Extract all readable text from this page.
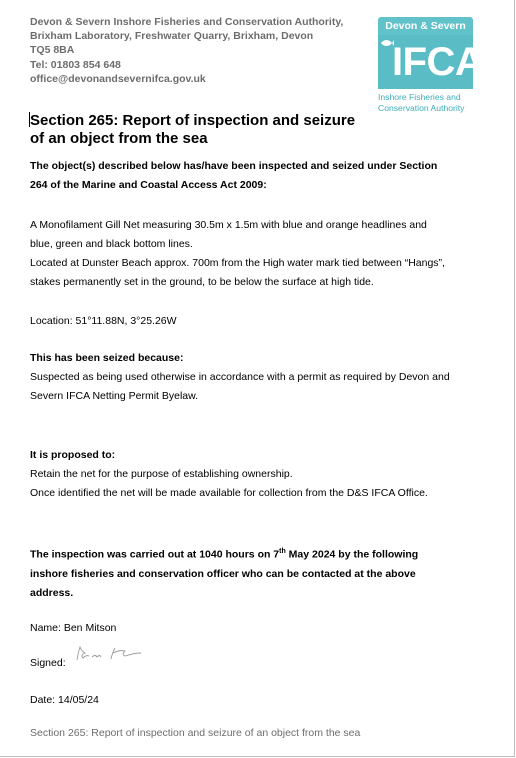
Devon & Severn Inshore Fisheries and Conservation Authority,
Brixham Laboratory, Freshwater Quarry, Brixham, Devon
TQ5 8BA
Tel: 01803 854 648
office@devonandsevernifca.gov.uk
Devon & Severn
IFCA
Inshore Fisheries and
Conservation Authority
Section 265: Report of inspection and seizure
of an object from the sea
The object(s) described below has/have been inspected and seized under Section
264 of the Marine and Coastal Access Act 2009:
A Monofilament Gill Net measuring 30.5m x 1.5m with blue and orange headlines and
blue, green and black bottom lines.
Located at Dunster Beach approx. 700m from the High water mark tied between “Hangs”,
stakes permanently set in the ground, to be below the surface at high tide.
Location: 51°11.88N, 3°25.26W
This has been seized because:
Suspected as being used otherwise in accordance with a permit as required by Devon and
Severn IFCA Netting Permit Byelaw.
It is proposed to:
Retain the net for the purpose of establishing ownership.
Once identified the net will be made available for collection from the D&S IFCA Office.
The inspection was carried out at 1040 hours on 7th May 2024 by the following
inshore fisheries and conservation officer who can be contacted at the above
address.
Name: Ben Mitson
Signed:
Date: 14/05/24
Section 265: Report of inspection and seizure of an object from the sea
